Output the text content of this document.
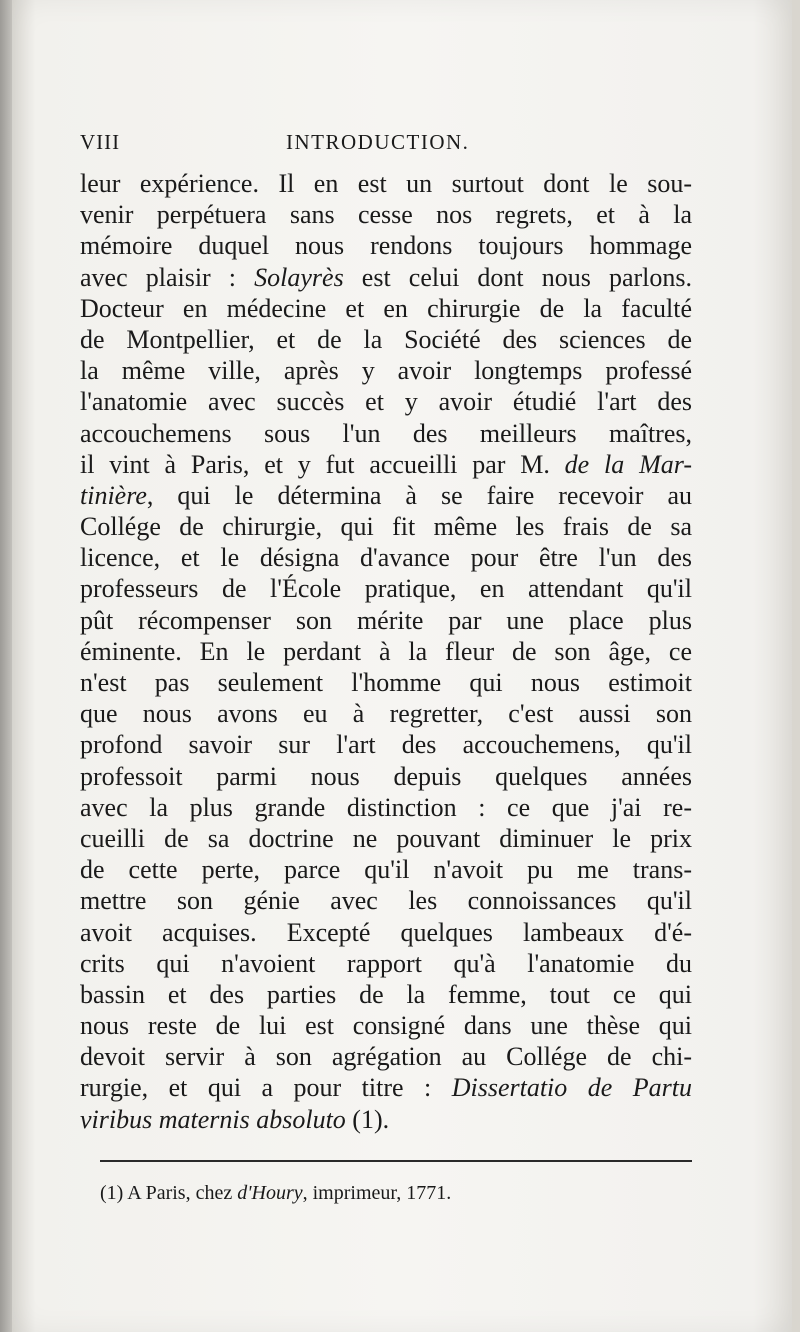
VIII	INTRODUCTION.
leur expérience. Il en est un surtout dont le sou-
venir perpétuera sans cesse nos regrets, et à la
mémoire duquel nous rendons toujours hommage
avec plaisir : Solayrès est celui dont nous parlons.
Docteur en médecine et en chirurgie de la faculté
de Montpellier, et de la Société des sciences de
la même ville, après y avoir longtemps professé
l'anatomie avec succès et y avoir étudié l'art des
accouchemens sous l'un des meilleurs maîtres,
il vint à Paris, et y fut accueilli par M. de la Mar-
tinière, qui le détermina à se faire recevoir au
Collége de chirurgie, qui fit même les frais de sa
licence, et le désigna d'avance pour être l'un des
professeurs de l'École pratique, en attendant qu'il
pût récompenser son mérite par une place plus
éminente. En le perdant à la fleur de son âge, ce
n'est pas seulement l'homme qui nous estimoit
que nous avons eu à regretter, c'est aussi son
profond savoir sur l'art des accouchemens, qu'il
professoit parmi nous depuis quelques années
avec la plus grande distinction : ce que j'ai re-
cueilli de sa doctrine ne pouvant diminuer le prix
de cette perte, parce qu'il n'avoit pu me trans-
mettre son génie avec les connoissances qu'il
avoit acquises. Excepté quelques lambeaux d'é-
crits qui n'avoient rapport qu'à l'anatomie du
bassin et des parties de la femme, tout ce qui
nous reste de lui est consigné dans une thèse qui
devoit servir à son agrégation au Collége de chi-
rurgie, et qui a pour titre : Dissertatio de Partu
viribus maternis absoluto (1).
(1) A Paris, chez d'Houry, imprimeur, 1771.
